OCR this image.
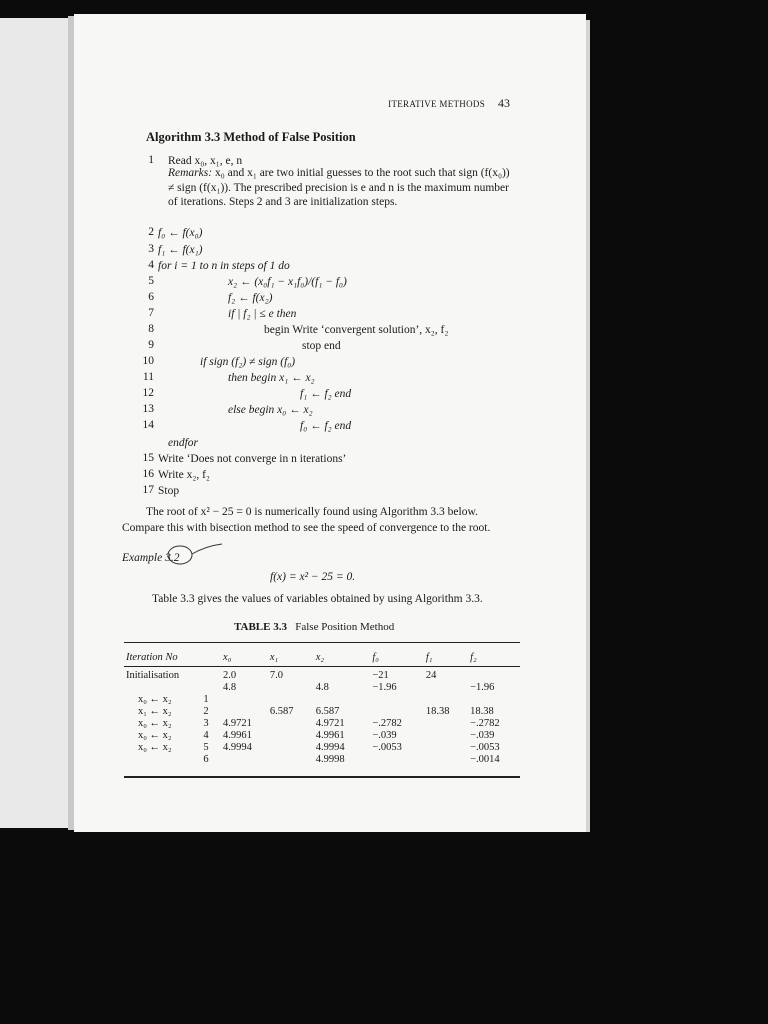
ITERATIVE METHODS 43
Algorithm 3.3 Method of False Position
1 Read x₀, x₁, e, n
Remarks: x₀ and x₁ are two initial guesses to the root such that sign (f(x₀)) ≠ sign (f(x₁)). The prescribed precision is e and n is the maximum number of iterations. Steps 2 and 3 are initialization steps.
2 f₀ ← f(x₀)
3 f₁ ← f(x₁)
4 for i = 1 to n in steps of 1 do
5	x₂ ← (x₀f₁ − x₁f₀)/(f₁ − f₀)
6	f₂ ← f(x₂)
7	if | f₂ | ≤ e then
8	begin Write ‘convergent solution’, x₂, f₂
9	stop end
10	if sign (f₂) ≠ sign (f₀)
11	then begin x₁ ← x₂
12	f₁ ← f₂ end
13	else begin x₀ ← x₂
14	f₀ ← f₂ end
endfor
15 Write ‘Does not converge in n iterations’
16 Write x₂, f₂
17 Stop
The root of x² − 25 = 0 is numerically found using Algorithm 3.3 below. Compare this with bisection method to see the speed of convergence to the root.
Example 3.2
f(x) = x² − 25 = 0.
Table 3.3 gives the values of variables obtained by using Algorithm 3.3.
TABLE 3.3 False Position Method
Iteration No		x₀	x₁	x₂	f₀	f₁	f₂
Initialisation		2.0	7.0		−21	24	
		4.8		4.8	−1.96		−1.96
x₀ ← x₂	1						
x₁ ← x₂	2		6.587	6.587		18.38	18.38
x₀ ← x₂	3	4.9721		4.9721	−.2782		−.2782
x₀ ← x₂	4	4.9961		4.9961	−.039		−.039
x₀ ← x₂	5	4.9994		4.9994	−.0053		−.0053
	6			4.9998			−.0014
